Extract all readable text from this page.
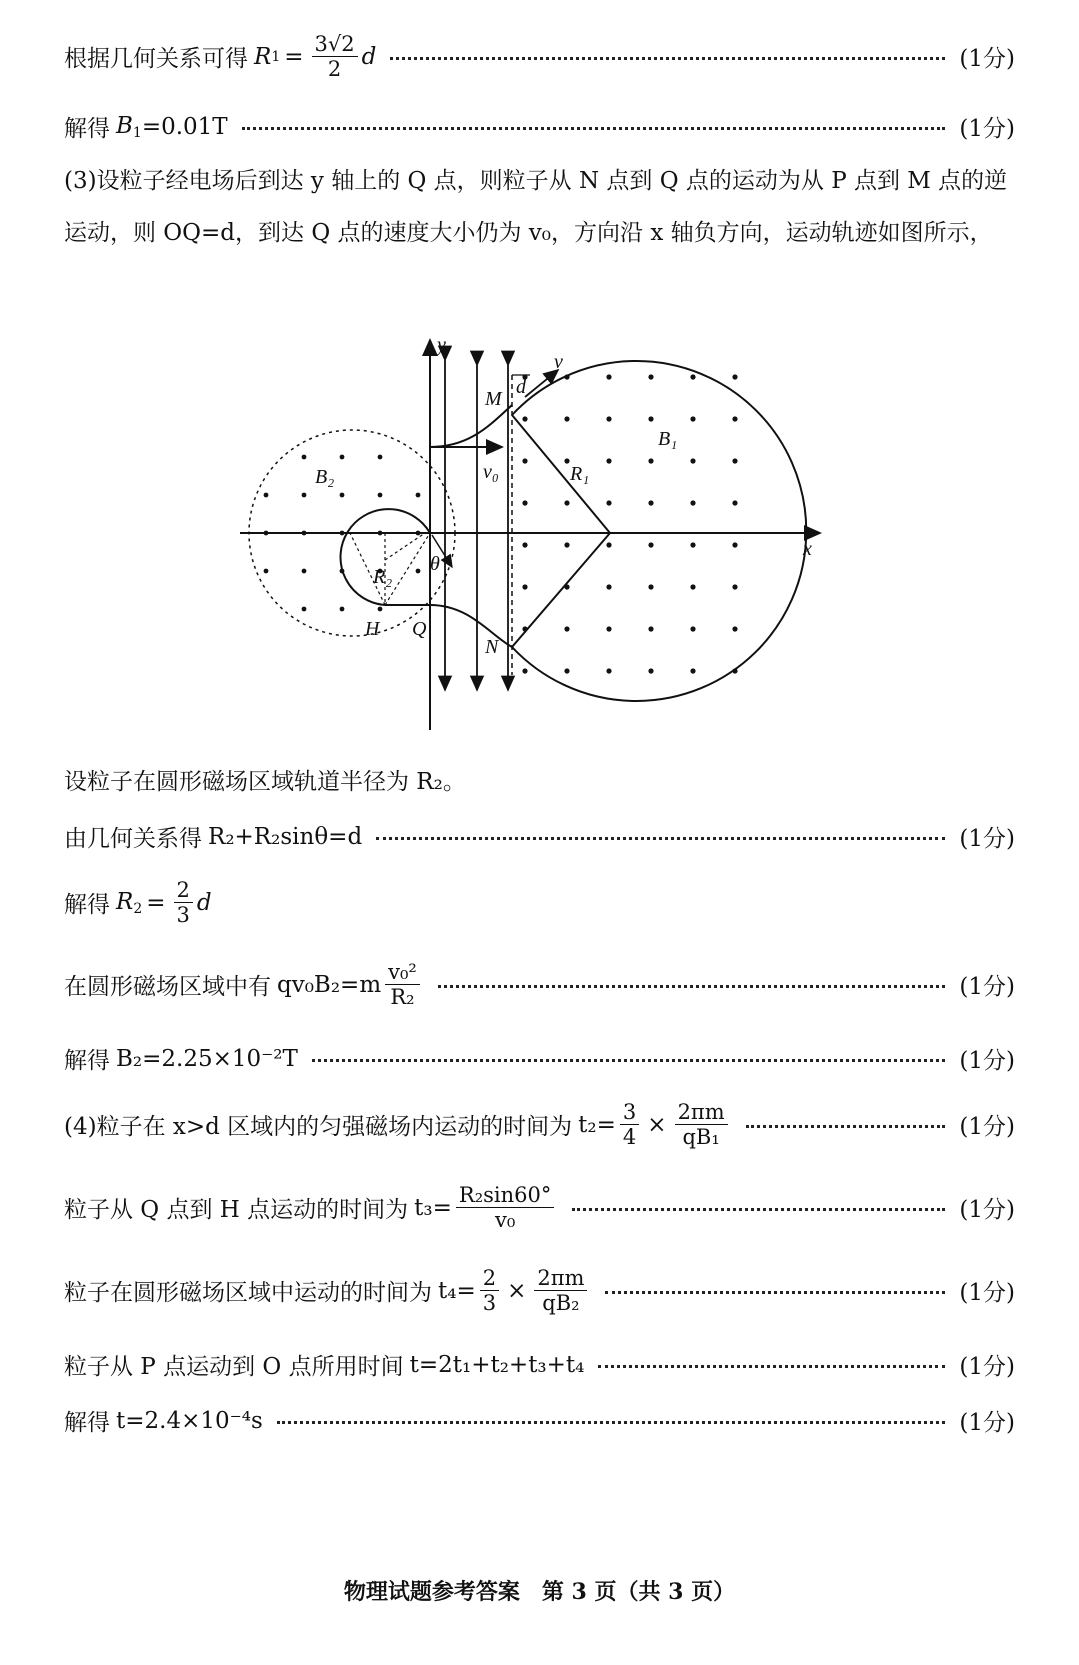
根据几何关系可得 R $1 = \frac{3√2}{2}$ d	(1分)
解得 $B_1 =0.01T$	(1分)
(3)设粒子经电场后到达 y 轴上的 Q 点，则粒子从 N 点到 Q 点的运动为从 P 点到 M 点的逆运动，则 OQ=d，到达 Q 点的速度大小仍为 v₀，方向沿 x 轴负方向，运动轨迹如图所示，
y
x
M
N
H Q
B₁
B₂	R₁
R₂
d
v₀
v
θ
设粒子在圆形磁场区域轨道半径为 R₂。
由几何关系得 R₂+R₂sinθ=d	(1分)
解得 $R_2 = \frac{2}{3}$ d
在圆形磁场区域中有 $qv_0B_2=m \frac{\text{v₀²}}{\text{R₂}}$	(1分)
解得 B₂=2.25×10⁻²T	(1分)
(4)粒子在 x>d 区域内的匀强磁场内运动的时间为 $t_2= \frac{3}{4} \times \frac{2\pi m}{\text{qB₁}}$	(1分)
粒子从 Q 点到 H 点运动的时间为 $t_3= \frac{\text{R₂sin60°}}{\text{v₀}}$	(1分)
粒子在圆形磁场区域中运动的时间为 $t_4= \frac{2}{3} \times \frac{2\pi m}{\text{qB₂}}$	(1分)
粒子从 P 点运动到 O 点所用时间 t=2t₁+t₂+t₃+t₄	(1分)
解得 t=2.4×10⁻⁴s	(1分)
物理试题参考答案　第 3 页（共 3 页）
